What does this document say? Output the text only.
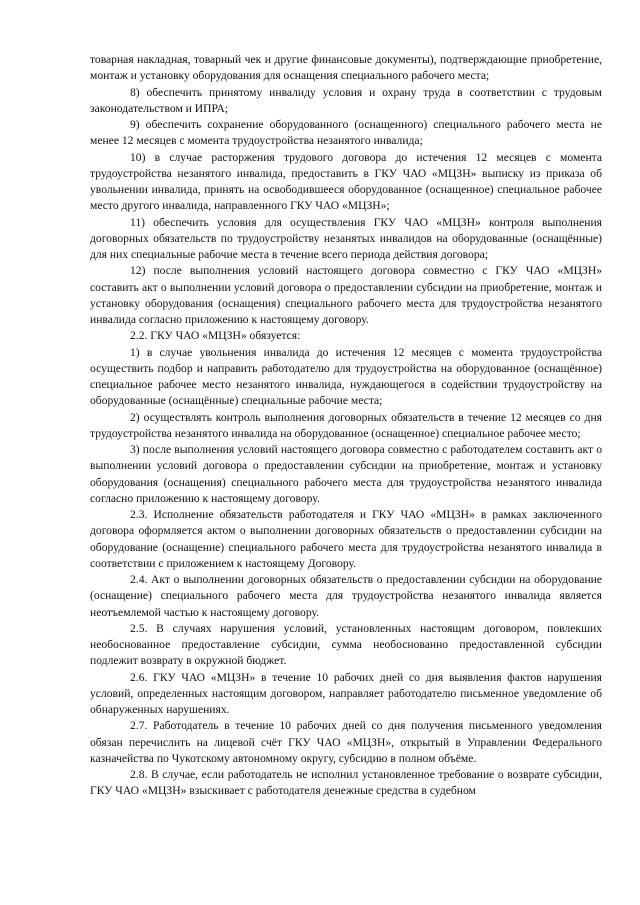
товарная накладная, товарный чек и другие финансовые документы), подтверждающие приобретение, монтаж и установку оборудования для оснащения специального рабочего места;

8) обеспечить принятому инвалиду условия и охрану труда в соответствии с трудовым законодательством и ИПРА;

9) обеспечить сохранение оборудованного (оснащенного) специального рабочего места не менее 12 месяцев с момента трудоустройства незанятого инвалида;

10) в случае расторжения трудового договора до истечения 12 месяцев с момента трудоустройства незанятого инвалида, предоставить в ГКУ ЧАО «МЦЗН» выписку из приказа об увольнении инвалида, принять на освободившееся оборудованное (оснащенное) специальное рабочее место другого инвалида, направленного ГКУ ЧАО «МЦЗН»;

11) обеспечить условия для осуществления ГКУ ЧАО «МЦЗН» контроля выполнения договорных обязательств по трудоустройству незанятых инвалидов на оборудованные (оснащённые) для них специальные рабочие места в течение всего периода действия договора;

12) после выполнения условий настоящего договора совместно с ГКУ ЧАО «МЦЗН» составить акт о выполнении условий договора о предоставлении субсидии на приобретение, монтаж и установку оборудования (оснащения) специального рабочего места для трудоустройства незанятого инвалида согласно приложению к настоящему договору.

2.2. ГКУ ЧАО «МЦЗН» обязуется:

1) в случае увольнения инвалида до истечения 12 месяцев с момента трудоустройства осуществить подбор и направить работодателю для трудоустройства на оборудованное (оснащённое) специальное рабочее место незанятого инвалида, нуждающегося в содействии трудоустройству на оборудованные (оснащённые) специальные рабочие места;

2) осуществлять контроль выполнения договорных обязательств в течение 12 месяцев со дня трудоустройства незанятого инвалида на оборудованное (оснащенное) специальное рабочее место;

3) после выполнения условий настоящего договора совместно с работодателем составить акт о выполнении условий договора о предоставлении субсидии на приобретение, монтаж и установку оборудования (оснащения) специального рабочего места для трудоустройства незанятого инвалида согласно приложению к настоящему договору.

2.3. Исполнение обязательств работодателя и ГКУ ЧАО «МЦЗН» в рамках заключенного договора оформляется актом о выполнении договорных обязательств о предоставлении субсидии на оборудование (оснащение) специального рабочего места для трудоустройства незанятого инвалида в соответствии с приложением к настоящему Договору.

2.4. Акт о выполнении договорных обязательств о предоставлении субсидии на оборудование (оснащение) специального рабочего места для трудоустройства незанятого инвалида является неотъемлемой частью к настоящему договору.

2.5. В случаях нарушения условий, установленных настоящим договором, повлекших необоснованное предоставление субсидии, сумма необоснованно предоставленной субсидии подлежит возврату в окружной бюджет.

2.6. ГКУ ЧАО «МЦЗН» в течение 10 рабочих дней со дня выявления фактов нарушения условий, определенных настоящим договором, направляет работодателю письменное уведомление об обнаруженных нарушениях.

2.7. Работодатель в течение 10 рабочих дней со дня получения письменного уведомления обязан перечислить на лицевой счёт ГКУ ЧАО «МЦЗН», открытый в Управлении Федерального казначейства по Чукотскому автономному округу, субсидию в полном объёме.

2.8. В случае, если работодатель не исполнил установленное требование о возврате субсидии, ГКУ ЧАО «МЦЗН» взыскивает с работодателя денежные средства в судебном
